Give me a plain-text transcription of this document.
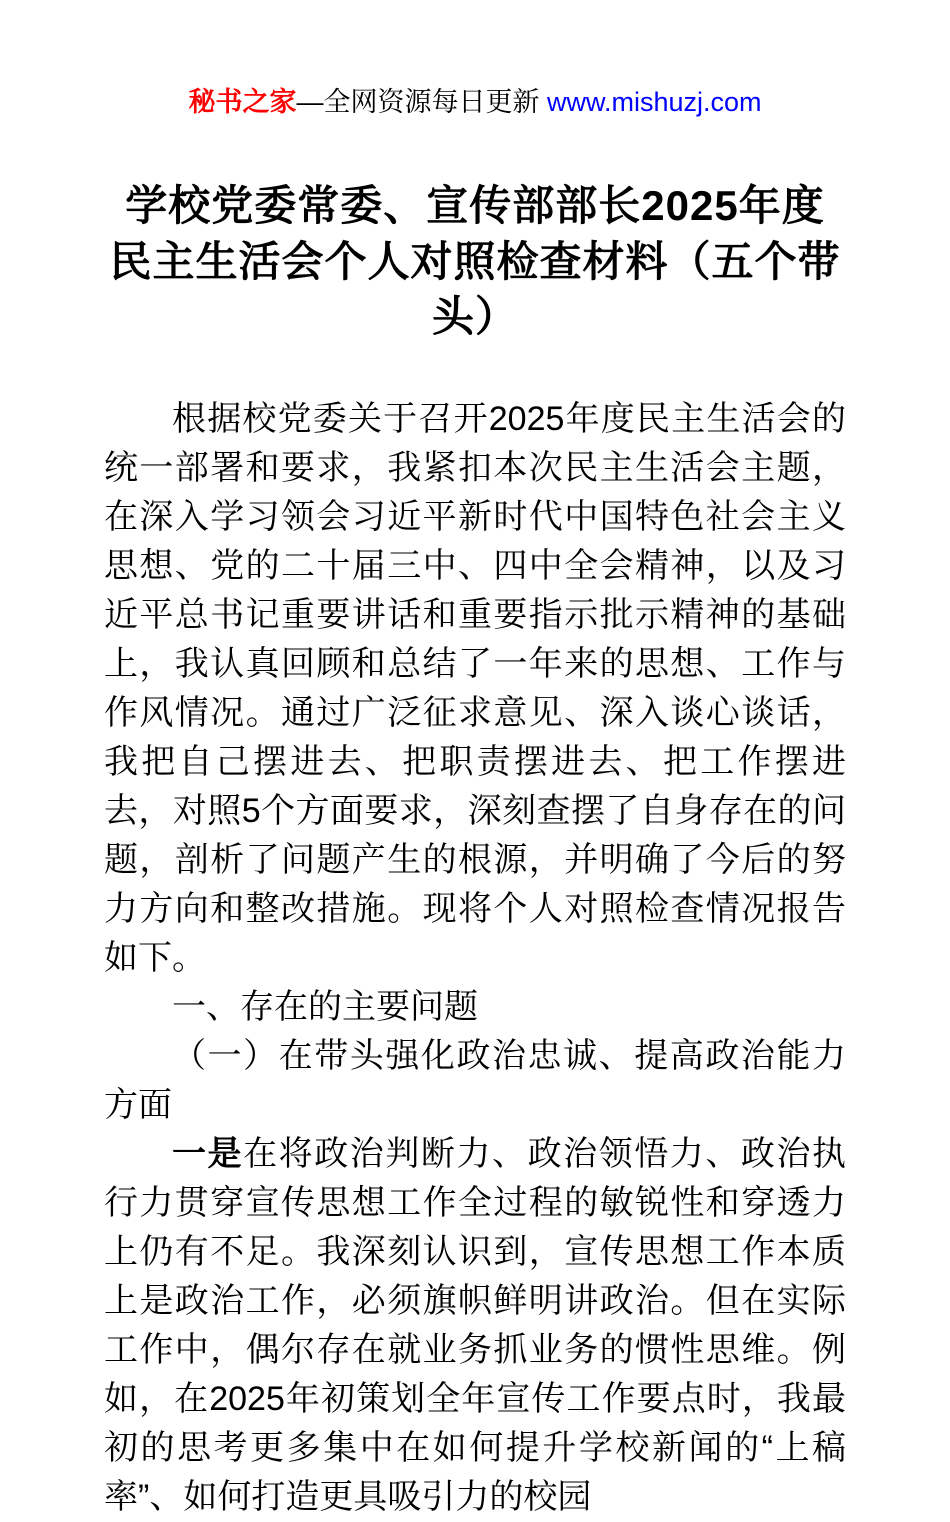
秘书之家—全网资源每日更新 www.mishuzj.com
学校党委常委、宣传部部长2025年度民主生活会个人对照检查材料（五个带头）

根据校党委关于召开2025年度民主生活会的统一部署和要求，我紧扣本次民主生活会主题，在深入学习领会习近平新时代中国特色社会主义思想、党的二十届三中、四中全会精神，以及习近平总书记重要讲话和重要指示批示精神的基础上，我认真回顾和总结了一年来的思想、工作与作风情况。通过广泛征求意见、深入谈心谈话，我把自己摆进去、把职责摆进去、把工作摆进去，对照5个方面要求，深刻查摆了自身存在的问题，剖析了问题产生的根源，并明确了今后的努力方向和整改措施。现将个人对照检查情况报告如下。

一、存在的主要问题

（一）在带头强化政治忠诚、提高政治能力方面

一是在将政治判断力、政治领悟力、政治执行力贯穿宣传思想工作全过程的敏锐性和穿透力上仍有不足。我深刻认识到，宣传思想工作本质上是政治工作，必须旗帜鲜明讲政治。但在实际工作中，偶尔存在就业务抓业务的惯性思维。例如，在2025年初策划全年宣传工作要点时，我最初的思考更多集中在如何提升学校新闻的“上稿率”、如何打造更具吸引力的校园
